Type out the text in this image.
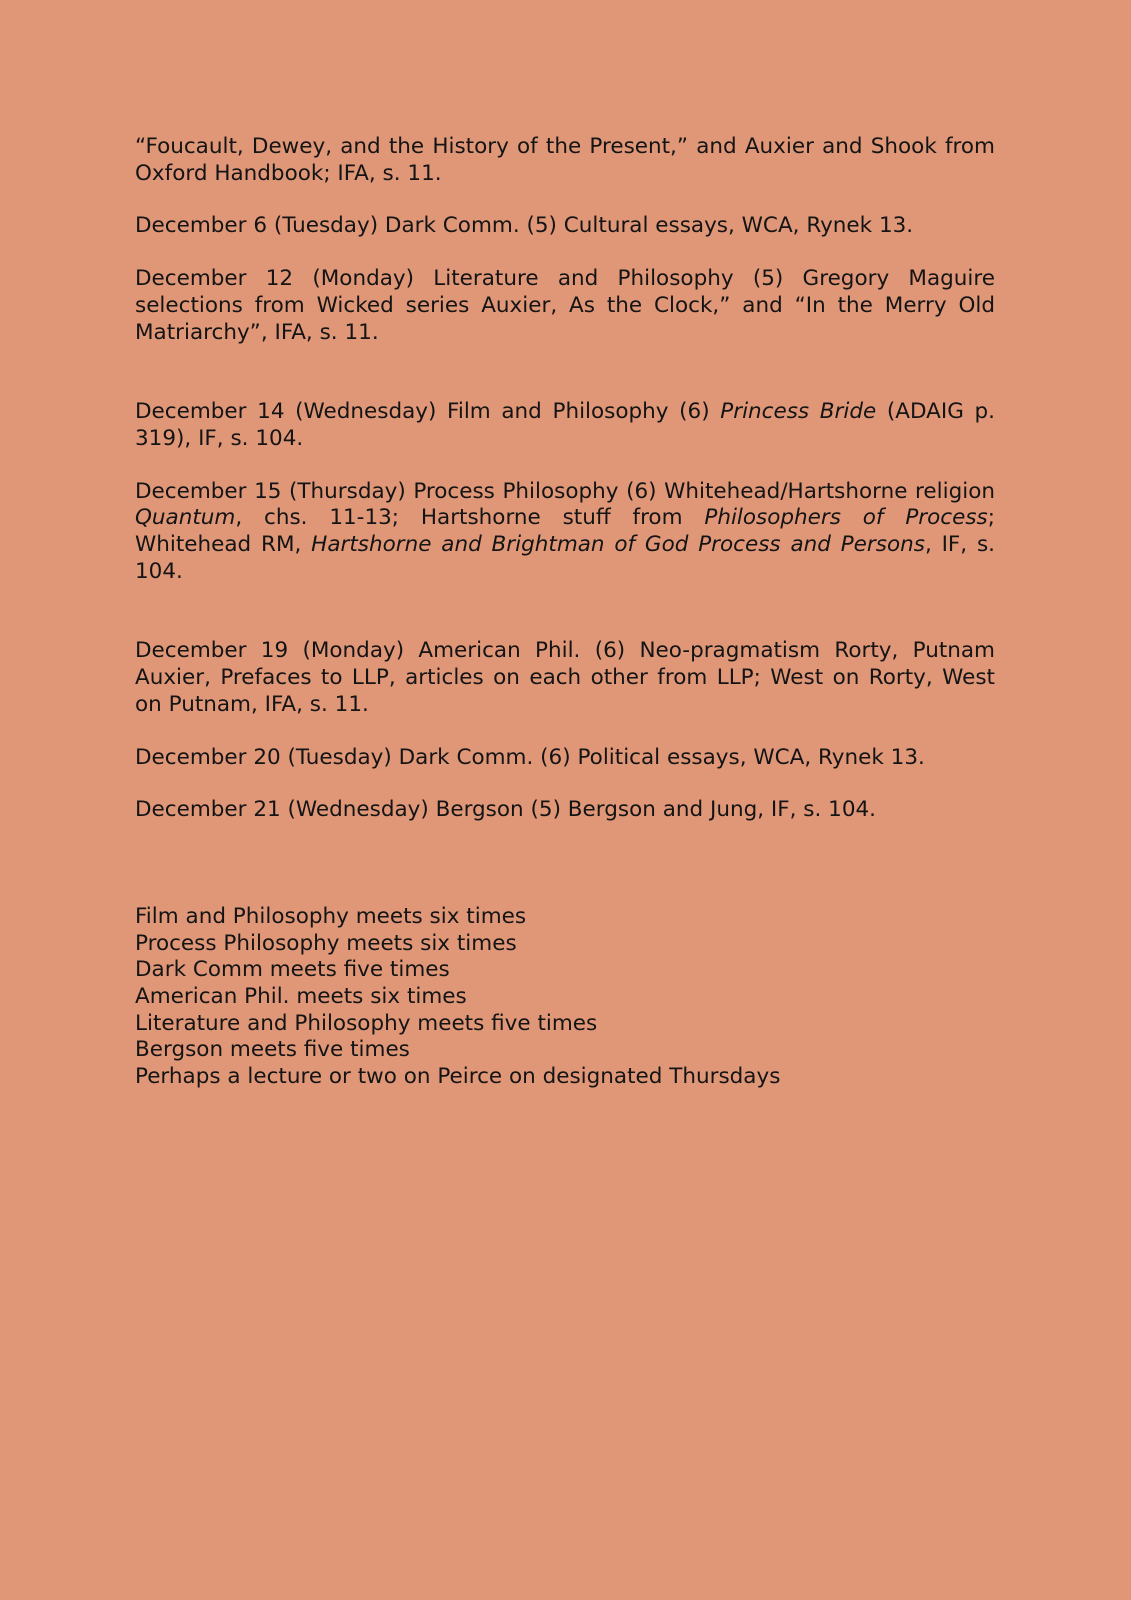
“Foucault, Dewey, and the History of the Present,” and Auxier and Shook from Oxford Handbook; IFA, s. 11.

December 6 (Tuesday) Dark Comm. (5) Cultural essays, WCA, Rynek 13.

December 12 (Monday) Literature and Philosophy (5) Gregory Maguire selections from Wicked series Auxier, As the Clock,” and “In the Merry Old Matriarchy”, IFA, s. 11.

December 14 (Wednesday) Film and Philosophy (6) Princess Bride (ADAIG p. 319), IF, s. 104.

December 15 (Thursday) Process Philosophy (6) Whitehead/Hartshorne religion Quantum, chs. 11-13; Hartshorne stuff from Philosophers of Process; Whitehead RM, Hartshorne and Brightman of God Process and Persons, IF, s. 104.

December 19 (Monday) American Phil. (6) Neo-pragmatism Rorty, Putnam Auxier, Prefaces to LLP, articles on each other from LLP; West on Rorty, West on Putnam, IFA, s. 11.

December 20 (Tuesday) Dark Comm. (6) Political essays, WCA, Rynek 13.

December 21 (Wednesday) Bergson (5) Bergson and Jung, IF, s. 104.

Film and Philosophy meets six times
Process Philosophy meets six times
Dark Comm meets five times
American Phil. meets six times
Literature and Philosophy meets five times
Bergson meets five times
Perhaps a lecture or two on Peirce on designated Thursdays
